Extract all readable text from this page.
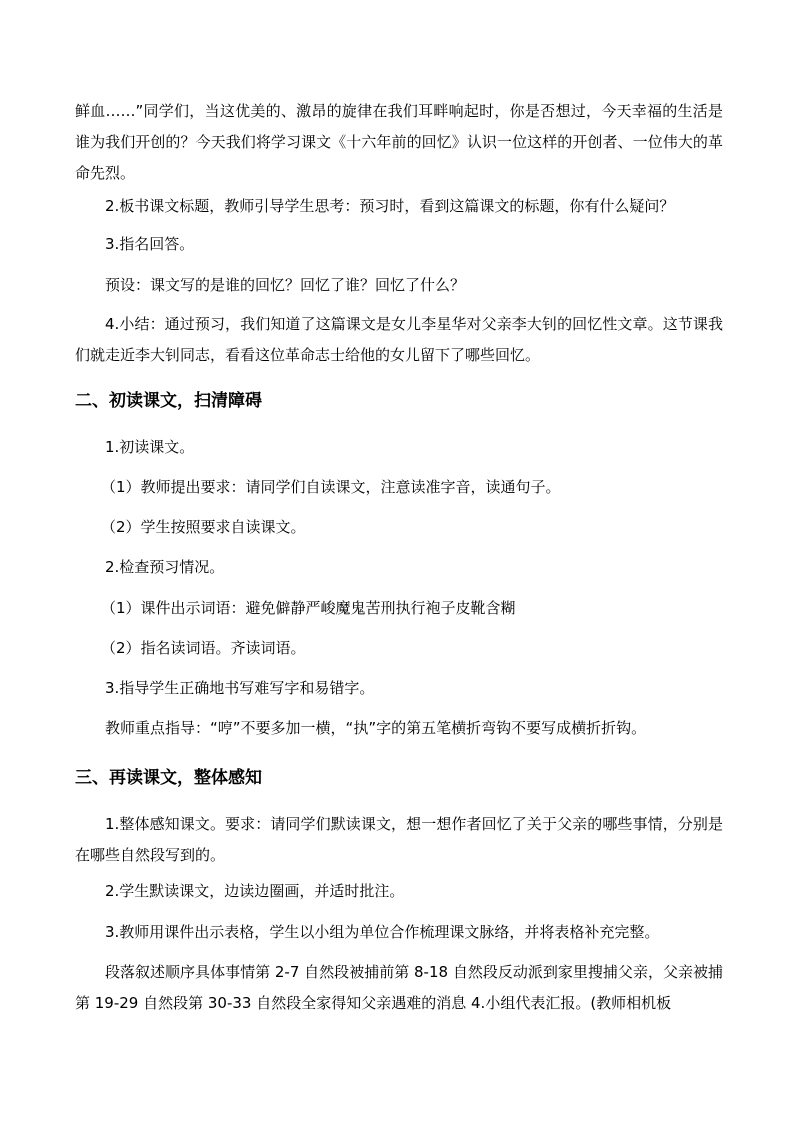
鲜血……”同学们，当这优美的、激昂的旋律在我们耳畔响起时，你是否想过，今天幸福的生活是谁为我们开创的？今天我们将学习课文《十六年前的回忆》认识一位这样的开创者、一位伟大的革命先烈。

2.板书课文标题，教师引导学生思考：预习时，看到这篇课文的标题，你有什么疑问？

3.指名回答。

预设：课文写的是谁的回忆？回忆了谁？回忆了什么？

4.小结：通过预习，我们知道了这篇课文是女儿李星华对父亲李大钊的回忆性文章。这节课我们就走近李大钊同志，看看这位革命志士给他的女儿留下了哪些回忆。

二、初读课文，扫清障碍

1.初读课文。

（1）教师提出要求：请同学们自读课文，注意读准字音，读通句子。

（2）学生按照要求自读课文。

2.检查预习情况。

（1）课件出示词语：避免僻静严峻魔鬼苦刑执行袍子皮靴含糊

（2）指名读词语。齐读词语。

3.指导学生正确地书写难写字和易错字。

教师重点指导：“哼”不要多加一横，“执”字的第五笔横折弯钩不要写成横折折钩。

三、再读课文，整体感知

1.整体感知课文。要求：请同学们默读课文，想一想作者回忆了关于父亲的哪些事情，分别是在哪些自然段写到的。

2.学生默读课文，边读边圈画，并适时批注。

3.教师用课件出示表格，学生以小组为单位合作梳理课文脉络，并将表格补充完整。

段落叙述顺序具体事情第 2-7 自然段被捕前第 8-18 自然段反动派到家里搜捕父亲，父亲被捕第 19-29 自然段第 30-33 自然段全家得知父亲遇难的消息 4.小组代表汇报。(教师相机板
